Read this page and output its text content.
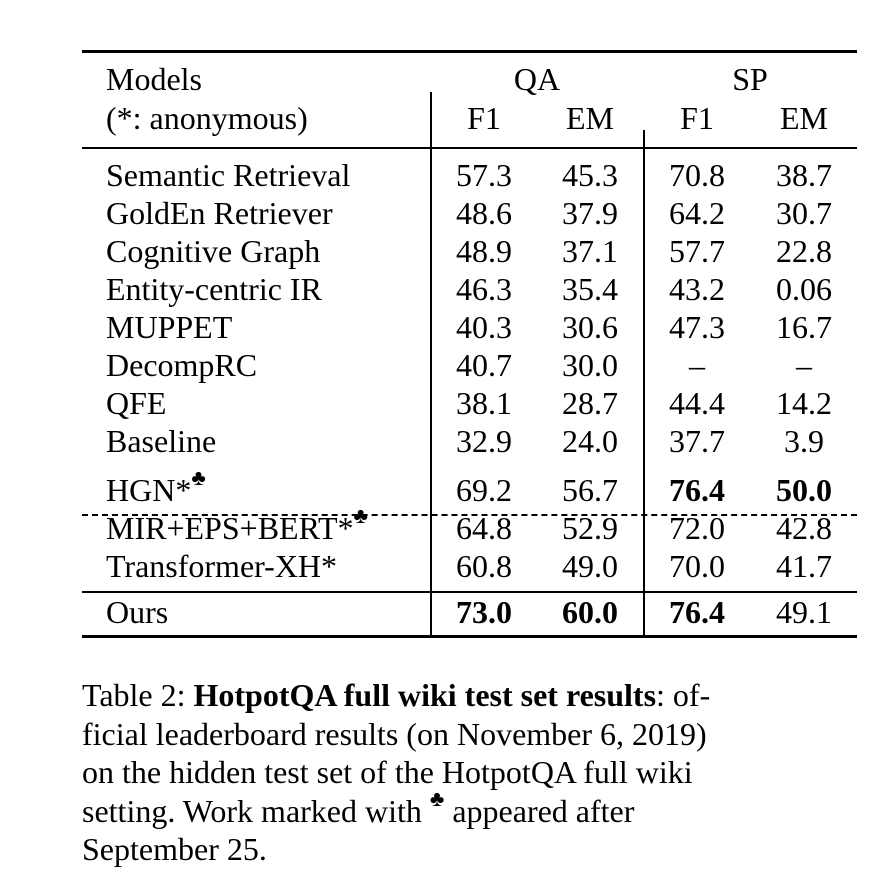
Models
(*: anonymous)
QA	SP
F1	EM	F1	EM
Semantic Retrieval	57.3	45.3	70.8	38.7
GoldEn Retriever	48.6	37.9	64.2	30.7
Cognitive Graph	48.9	37.1	57.7	22.8
Entity-centric IR	46.3	35.4	43.2	0.06
MUPPET	40.3	30.6	47.3	16.7
DecompRC	40.7	30.0	–	–
QFE	38.1	28.7	44.4	14.2
Baseline	32.9	24.0	37.7	3.9
HGN*♣	69.2	56.7	76.4	50.0
MIR+EPS+BERT*♣	64.8	52.9	72.0	42.8
Transformer-XH*	60.8	49.0	70.0	41.7
Ours	73.0	60.0	76.4	49.1

Table 2: HotpotQA full wiki test set results: of-

ficial leaderboard results (on November 6, 2019)

on the hidden test set of the HotpotQA full wiki

setting. Work marked with ♣ appeared after

September 25.
